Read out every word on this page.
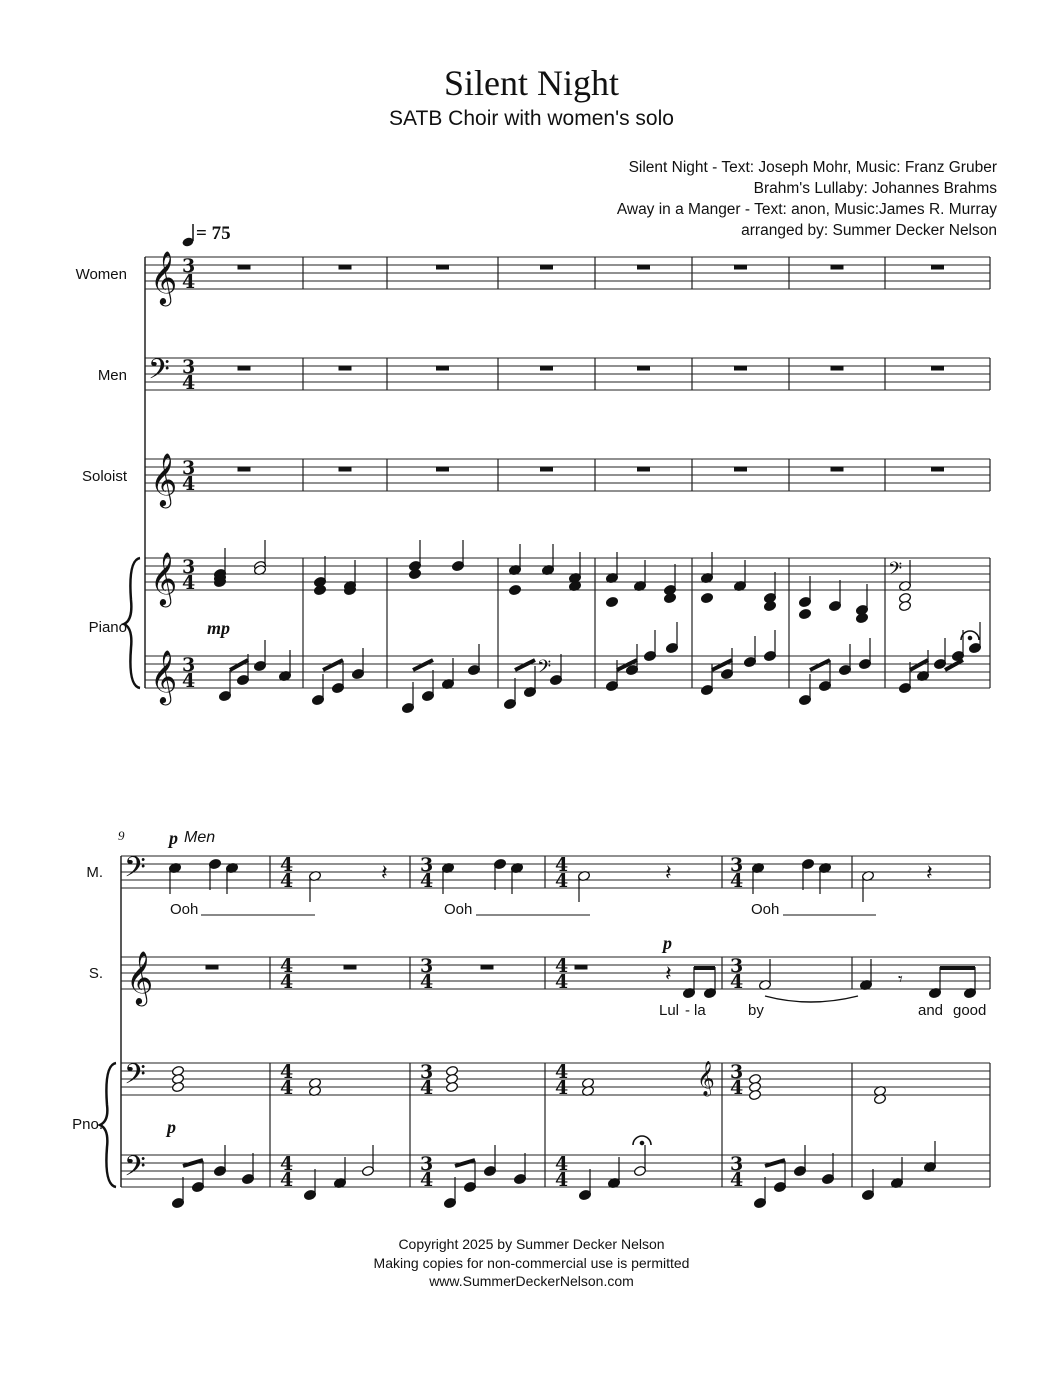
Silent Night
SATB Choir with women's solo
Silent Night - Text: Joseph Mohr, Music: Franz Gruber
Brahm's Lullaby: Johannes Brahms
Away in a Manger - Text: anon, Music:James R. Murray
arranged by: Summer Decker Nelson
= 75
Women
Men
Soloist
Piano
M.
S.
Pno.
mp
9 p Men
p
p
Ooh	Ooh	Ooh
Lul - la	by	and good
Copyright 2025 by Summer Decker Nelson
Making copies for non-commercial use is permitted
www.SummerDeckerNelson.com
𝄞 3
4
𝄢 3
4
𝄞 3
4
𝄞 3
4
𝄞 3
4
𝄢
𝄢
𝄢
𝄞
𝄢
𝄢
𝄞
4
4
4
4
4
4
4
4
3
4
3
4
3
4
3
4
4
4
4
4
4
4
4
4
3
4
3
4
3
4
3
4
𝄽	𝄽	𝄽
𝄽	𝄾
